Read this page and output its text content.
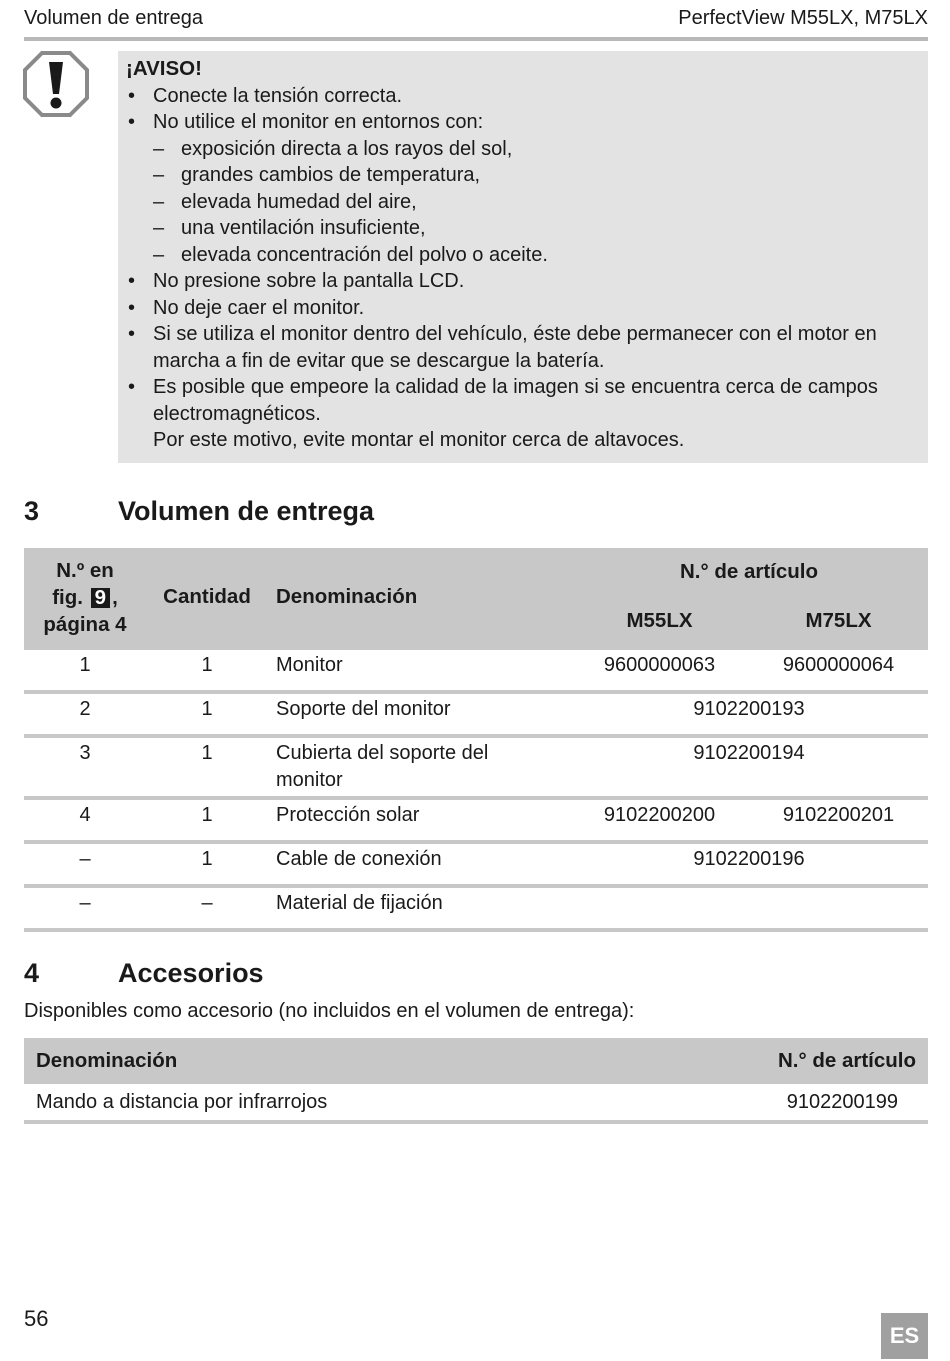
Volumen de entrega	PerfectView M55LX, M75LX
¡AVISO!
• Conecte la tensión correcta.
• No utilice el monitor en entornos con:
– exposición directa a los rayos del sol,
– grandes cambios de temperatura,
– elevada humedad del aire,
– una ventilación insuficiente,
– elevada concentración del polvo o aceite.
• No presione sobre la pantalla LCD.
• No deje caer el monitor.
• Si se utiliza el monitor dentro del vehículo, éste debe permanecer con el motor en marcha a fin de evitar que se descargue la batería.
• Es posible que empeore la calidad de la imagen si se encuentra cerca de campos electromagnéticos.
Por este motivo, evite montar el monitor cerca de altavoces.
3	Volumen de entrega
N.º en
fig. 9 ,
página 4	Cantidad	Denominación	N.° de artículo	
			M55LX	M75LX
1	1	Monitor	9600000063	9600000064
2	1	Soporte del monitor	9102200193	
3	1	Cubierta del soporte del monitor	9102200194	
4	1	Protección solar	9102200200	9102200201
–	1	Cable de conexión	9102200196	
–	–	Material de fijación		
4	Accesorios
Disponibles como accesorio (no incluidos en el volumen de entrega):
Denominación	N.° de artículo
Mando a distancia por infrarrojos	9102200199
56
ES
